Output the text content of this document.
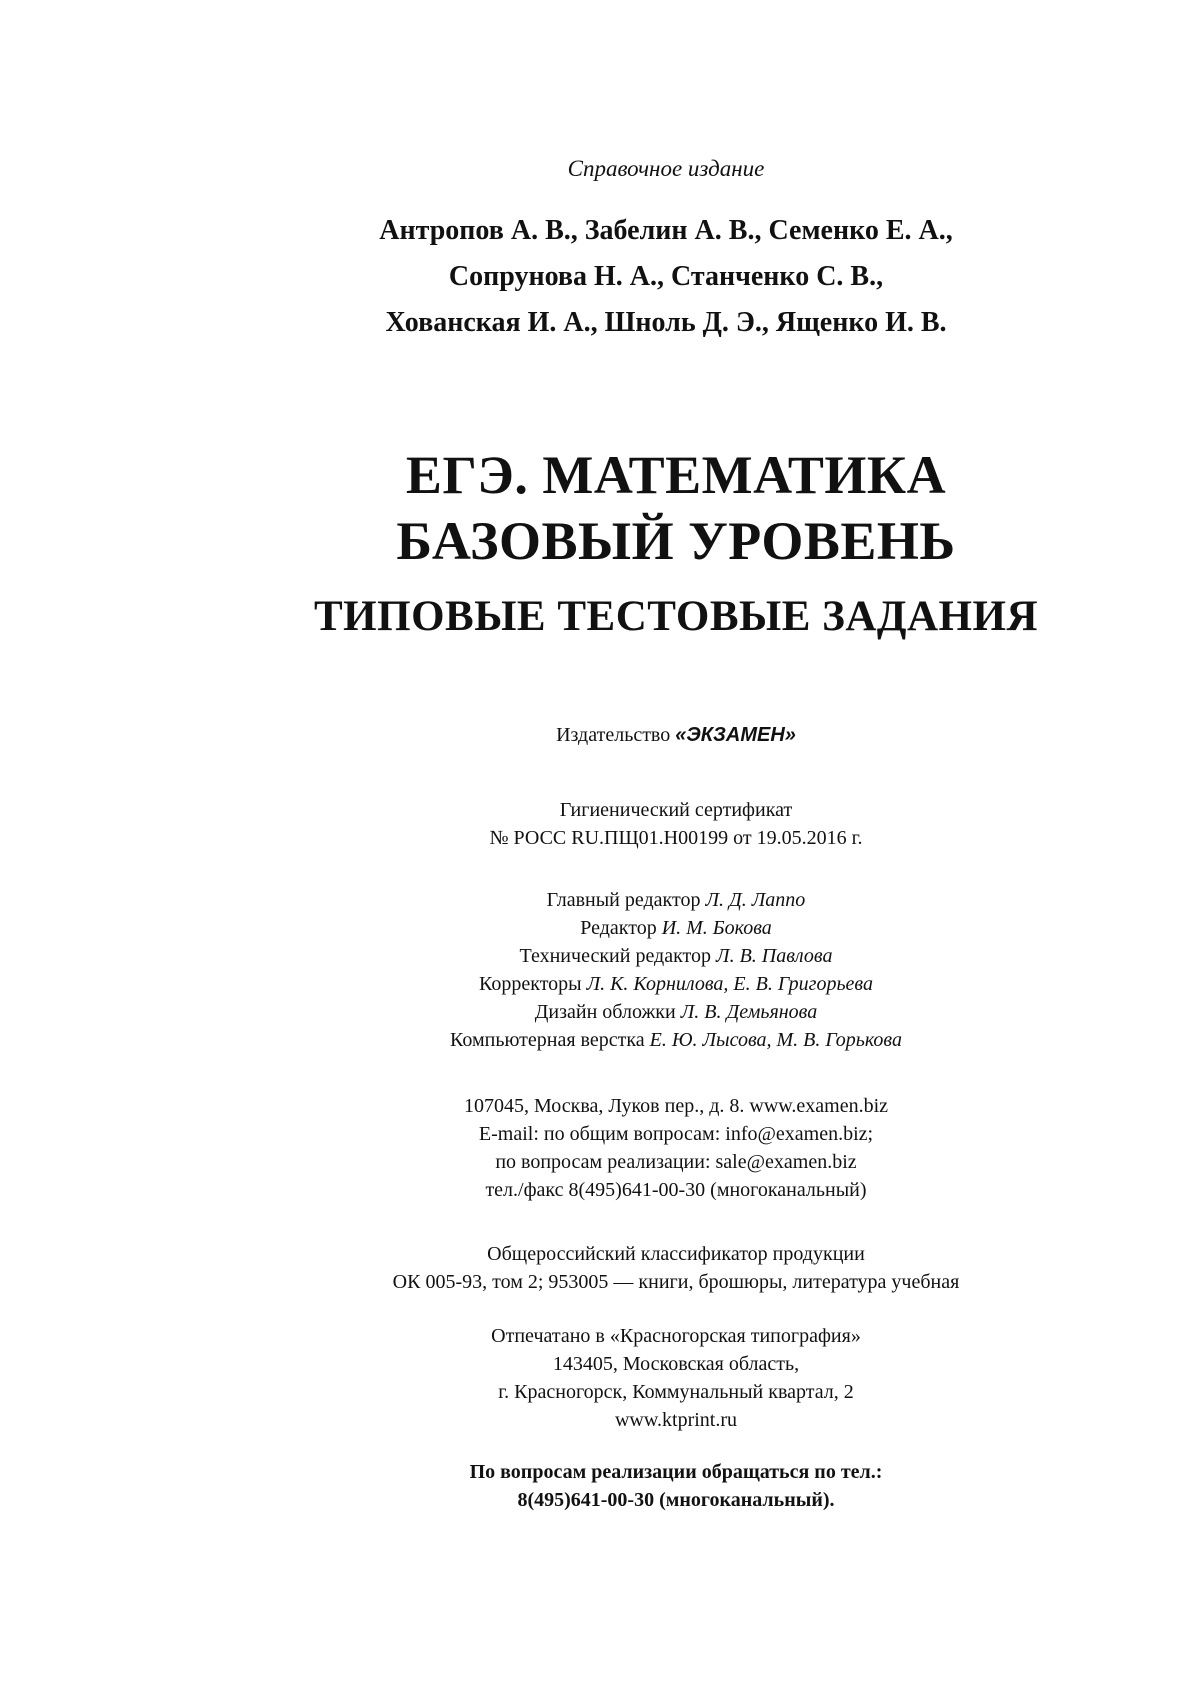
Справочное издание
Антропов А. В., Забелин А. В., Семенко Е. А.,
Сопрунова Н. А., Станченко С. В.,
Хованская И. А., Шноль Д. Э., Ященко И. В.
ЕГЭ. МАТЕМАТИКА
БАЗОВЫЙ УРОВЕНЬ
ТИПОВЫЕ ТЕСТОВЫЕ ЗАДАНИЯ
Издательство «ЭКЗАМЕН»
Гигиенический сертификат
№ РОСС RU.ПЩ01.Н00199 от 19.05.2016 г.
Главный редактор Л. Д. Лаппо
Редактор И. М. Бокова
Технический редактор Л. В. Павлова
Корректоры Л. К. Корнилова, Е. В. Григорьева
Дизайн обложки Л. В. Демьянова
Компьютерная верстка Е. Ю. Лысова, М. В. Горькова
107045, Москва, Луков пер., д. 8. www.examen.biz
E-mail: по общим вопросам: info@examen.biz;
по вопросам реализации: sale@examen.biz
тел./факс 8(495)641-00-30 (многоканальный)
Общероссийский классификатор продукции
ОК 005-93, том 2; 953005 — книги, брошюры, литература учебная
Отпечатано в «Красногорская типография»
143405, Московская область,
г. Красногорск, Коммунальный квартал, 2
www.ktprint.ru
По вопросам реализации обращаться по тел.:
8(495)641-00-30 (многоканальный).
